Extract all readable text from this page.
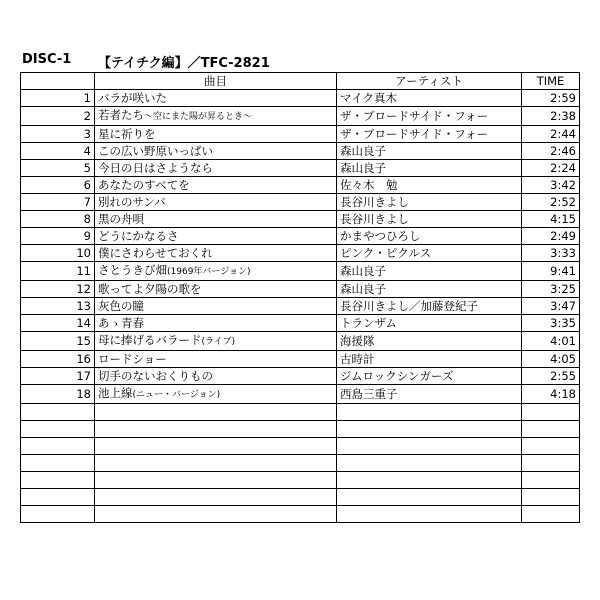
DISC-1 【テイチク編】／TFC-2821
	曲目	アーティスト	TIME
1	バラが咲いた	マイク真木	2:59
2	若者たち～空にまた陽が昇るとき～	ザ・ブロードサイド・フォー	2:38
3	星に祈りを	ザ・ブロードサイド・フォー	2:44
4	この広い野原いっぱい	森山良子	2:46
5	今日の日はさようなら	森山良子	2:24
6	あなたのすべてを	佐々木　勉	3:42
7	別れのサンバ	長谷川きよし	2:52
8	黒の舟唄	長谷川きよし	4:15
9	どうにかなるさ	かまやつひろし	2:49
10	僕にさわらせておくれ	ピンク・ピクルス	3:33
11	さとうきび畑(1969年バージョン)	森山良子	9:41
12	歌ってよ夕陽の歌を	森山良子	3:25
13	灰色の瞳	長谷川きよし／加藤登紀子	3:47
14	あゝ青春	トランザム	3:35
15	母に捧げるバラード(ライブ)	海援隊	4:01
16	ロードショー	古時計	4:05
17	切手のないおくりもの	ジムロックシンガーズ	2:55
18	池上線(ニュー・バージョン)	西島三重子	4:18
